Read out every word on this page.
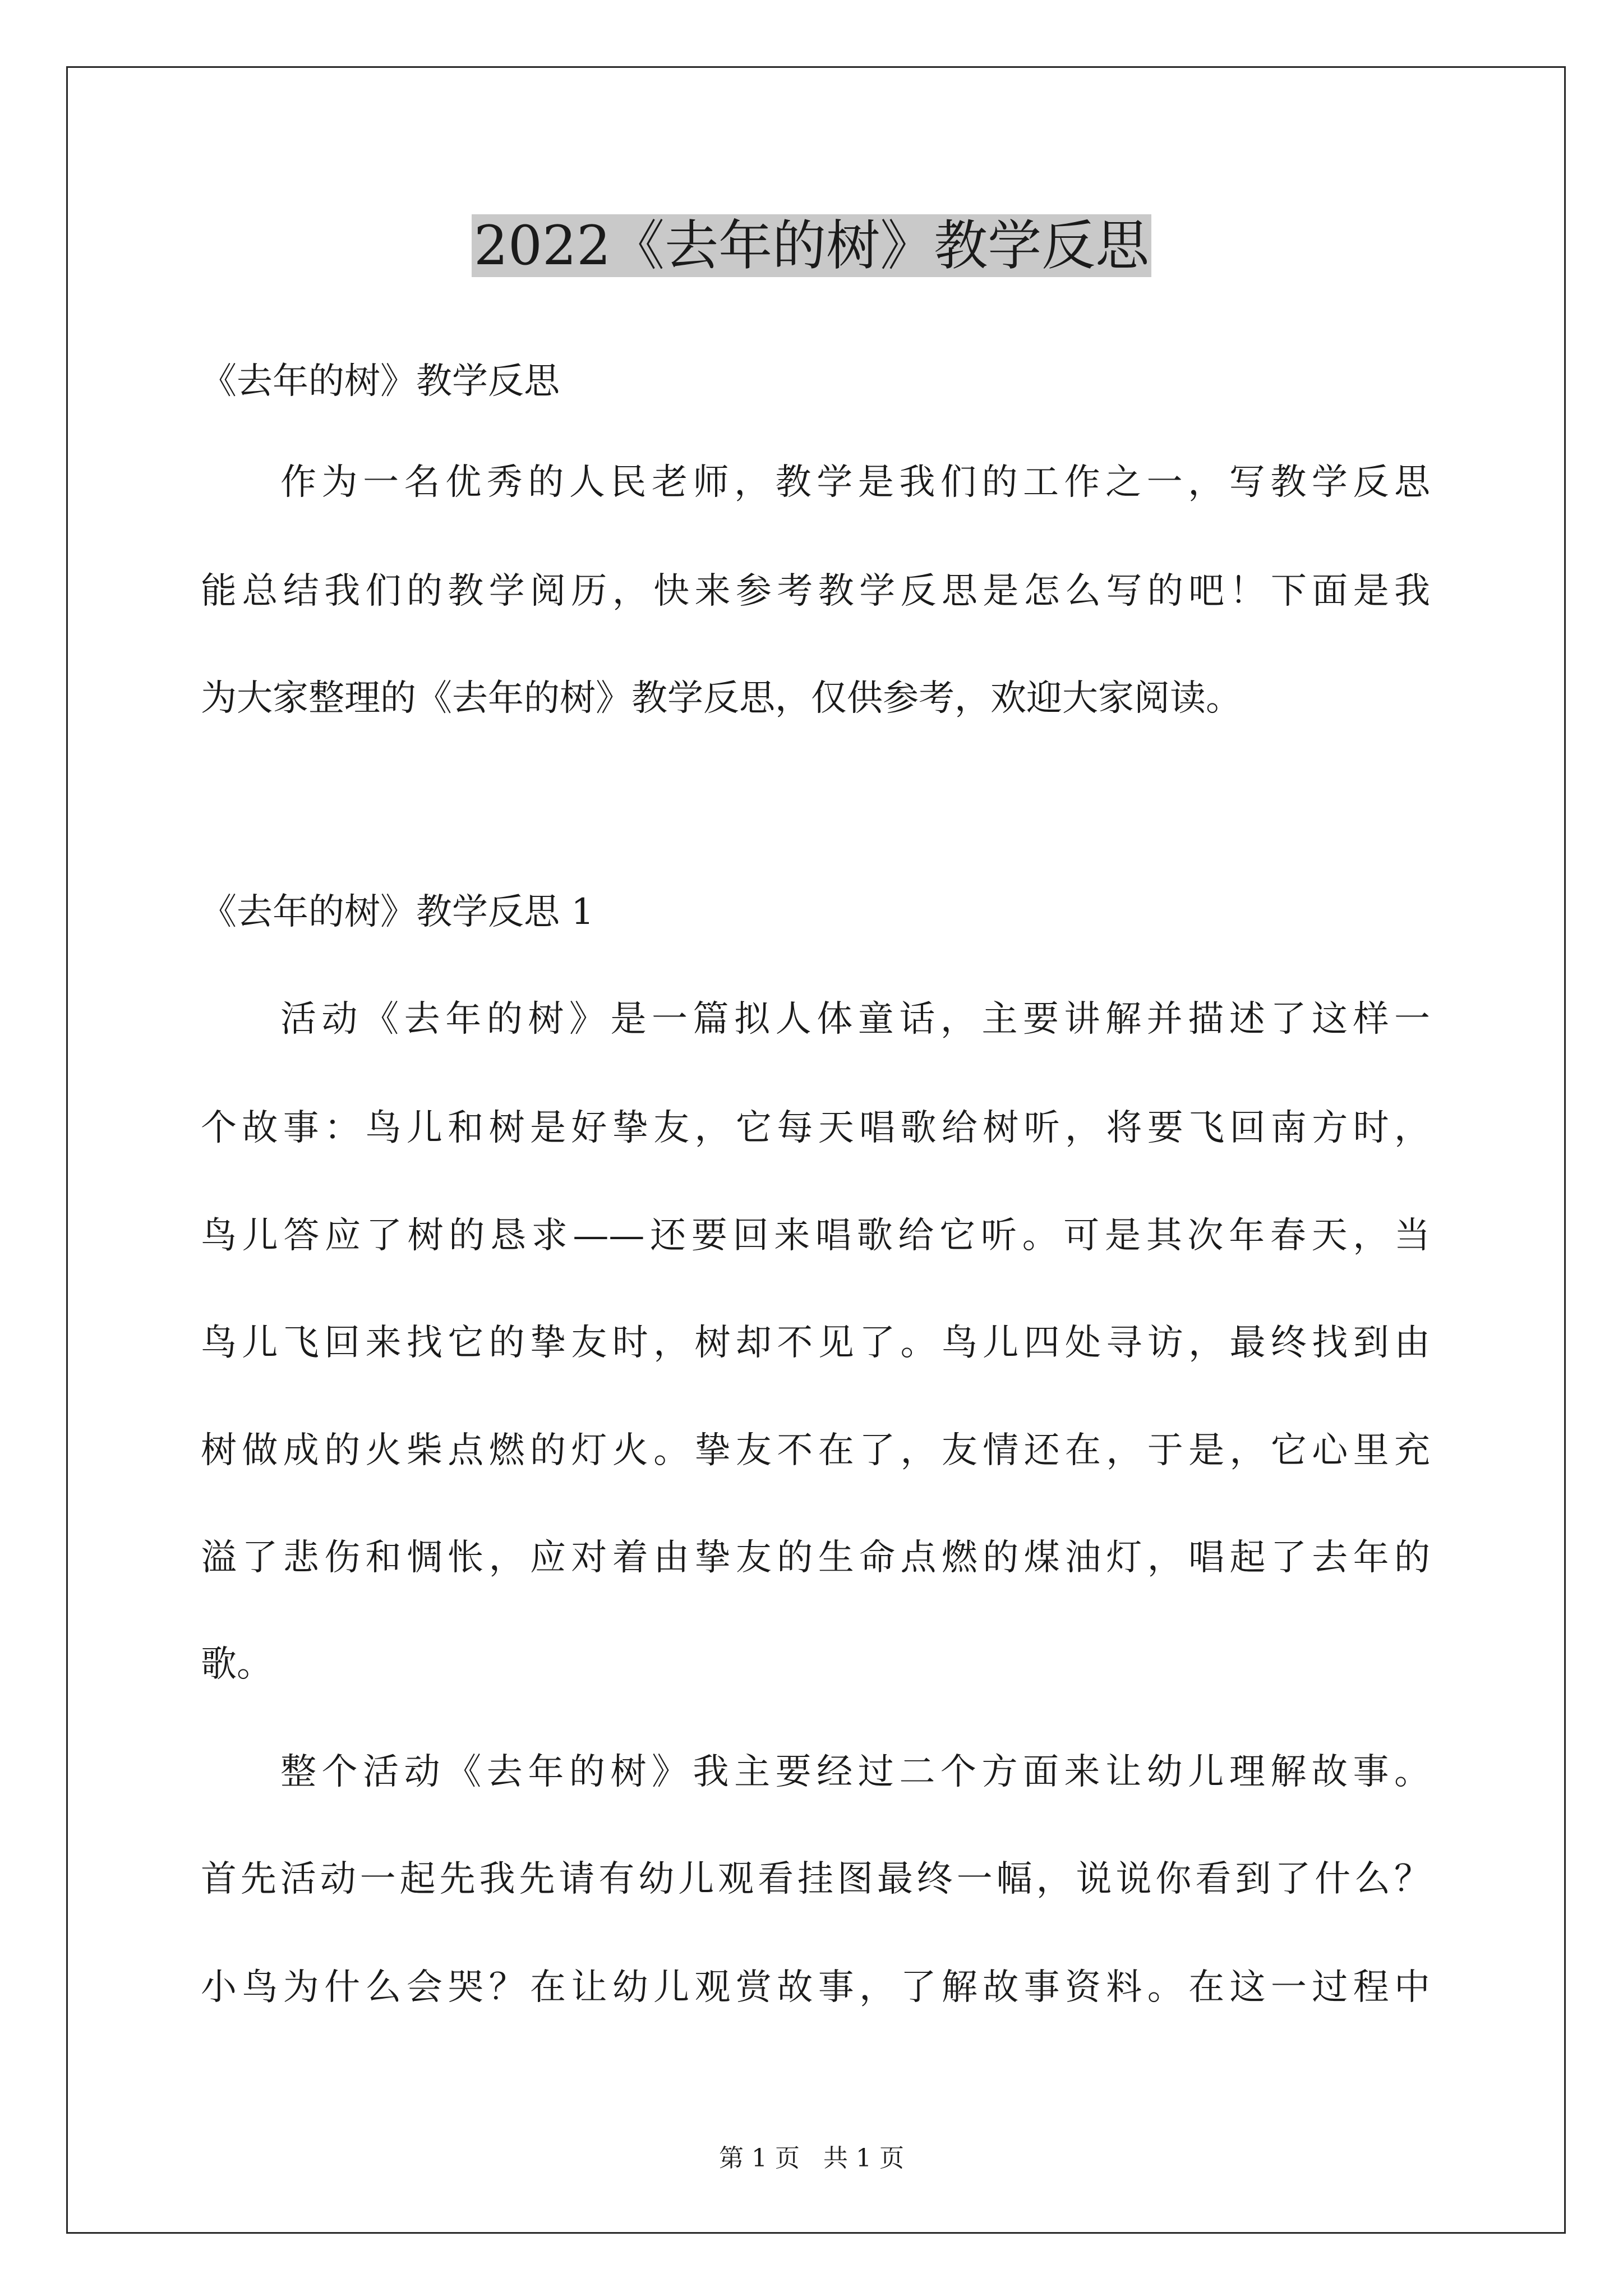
2022《去年的树》教学反思
《去年的树》教学反思
作为一名优秀的人民老师，教学是我们的工作之一，写教学反思
能总结我们的教学阅历，快来参考教学反思是怎么写的吧！下面是我
为大家整理的《去年的树》教学反思，仅供参考，欢迎大家阅读。
《去年的树》教学反思 1
活动《去年的树》是一篇拟人体童话，主要讲解并描述了这样一
个故事：鸟儿和树是好挚友，它每天唱歌给树听，将要飞回南方时，
鸟儿答应了树的恳求——还要回来唱歌给它听。可是其次年春天，当
鸟儿飞回来找它的挚友时，树却不见了。鸟儿四处寻访，最终找到由
树做成的火柴点燃的灯火。挚友不在了，友情还在，于是，它心里充
溢了悲伤和惆怅，应对着由挚友的生命点燃的煤油灯，唱起了去年的
歌。
整个活动《去年的树》我主要经过二个方面来让幼儿理解故事。
首先活动一起先我先请有幼儿观看挂图最终一幅，说说你看到了什么？
小鸟为什么会哭？在让幼儿观赏故事，了解故事资料。在这一过程中
第 1 页   共 1 页
